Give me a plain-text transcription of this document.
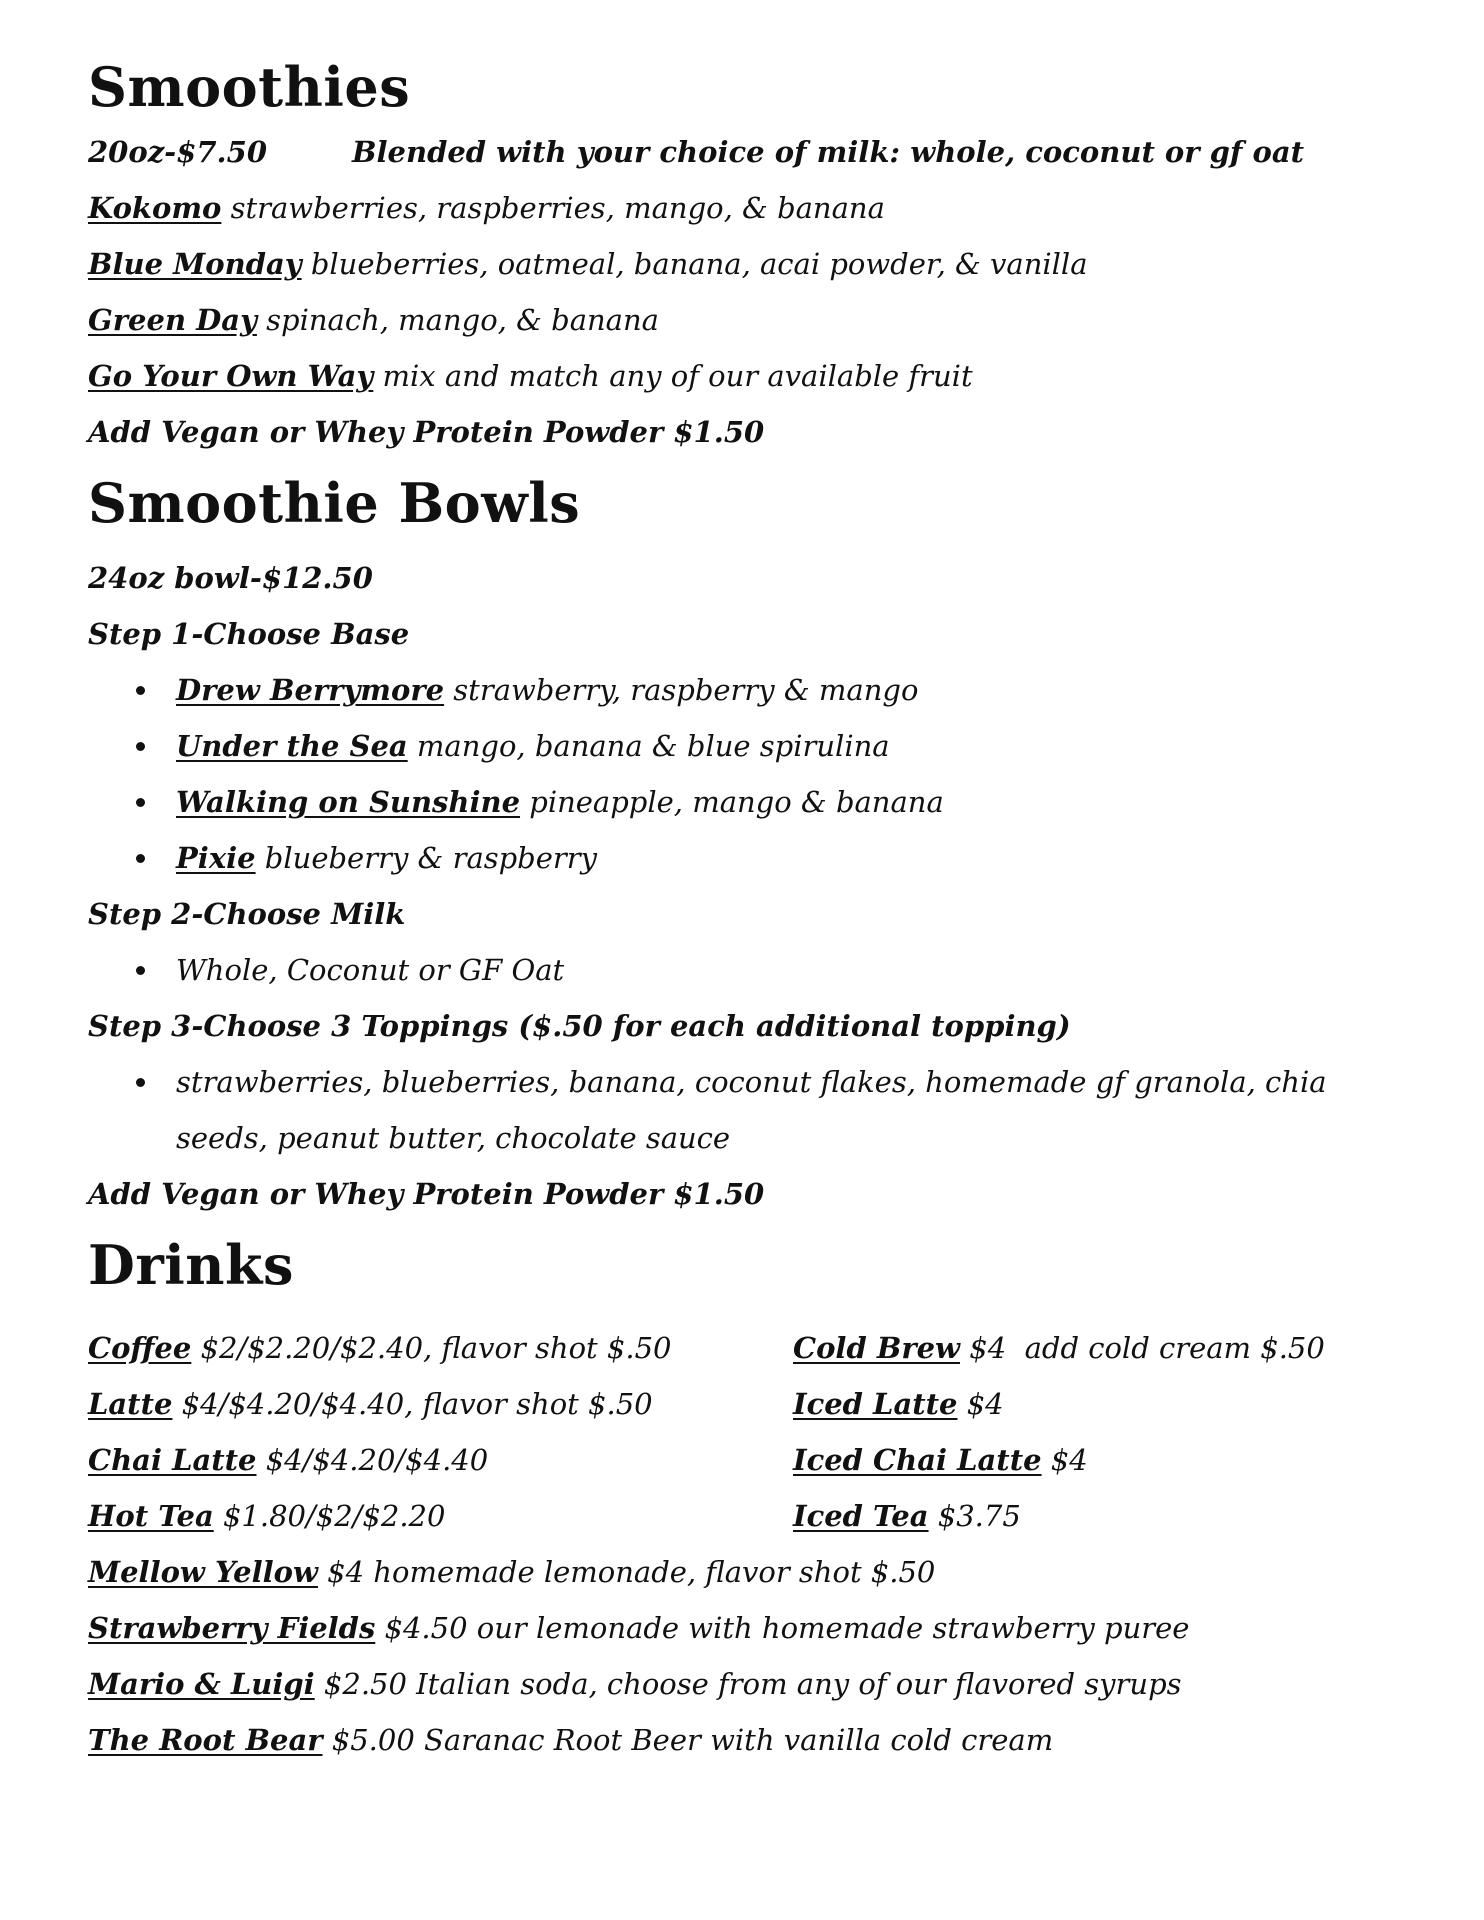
Smoothies
20oz-$7.50	Blended with your choice of milk: whole, coconut or gf oat
Kokomo strawberries, raspberries, mango, & banana
Blue Monday blueberries, oatmeal, banana, acai powder, & vanilla
Green Day spinach, mango, & banana
Go Your Own Way mix and match any of our available fruit
Add Vegan or Whey Protein Powder $1.50
Smoothie Bowls
24oz bowl-$12.50
Step 1-Choose Base
Drew Berrymore strawberry, raspberry & mango
Under the Sea mango, banana & blue spirulina
Walking on Sunshine pineapple, mango & banana
Pixie blueberry & raspberry
Step 2-Choose Milk
Whole, Coconut or GF Oat
Step 3-Choose 3 Toppings ($.50 for each additional topping)
strawberries, blueberries, banana, coconut flakes, homemade gf granola, chia seeds, peanut butter, chocolate sauce
Add Vegan or Whey Protein Powder $1.50
Drinks
Coffee $2/$2.20/$2.40, flavor shot $.50	Cold Brew $4  add cold cream $.50
Latte $4/$4.20/$4.40, flavor shot $.50	Iced Latte $4
Chai Latte $4/$4.20/$4.40	Iced Chai Latte $4
Hot Tea $1.80/$2/$2.20	Iced Tea $3.75
Mellow Yellow $4 homemade lemonade, flavor shot $.50
Strawberry Fields $4.50 our lemonade with homemade strawberry puree
Mario & Luigi $2.50 Italian soda, choose from any of our flavored syrups
The Root Bear $5.00 Saranac Root Beer with vanilla cold cream
